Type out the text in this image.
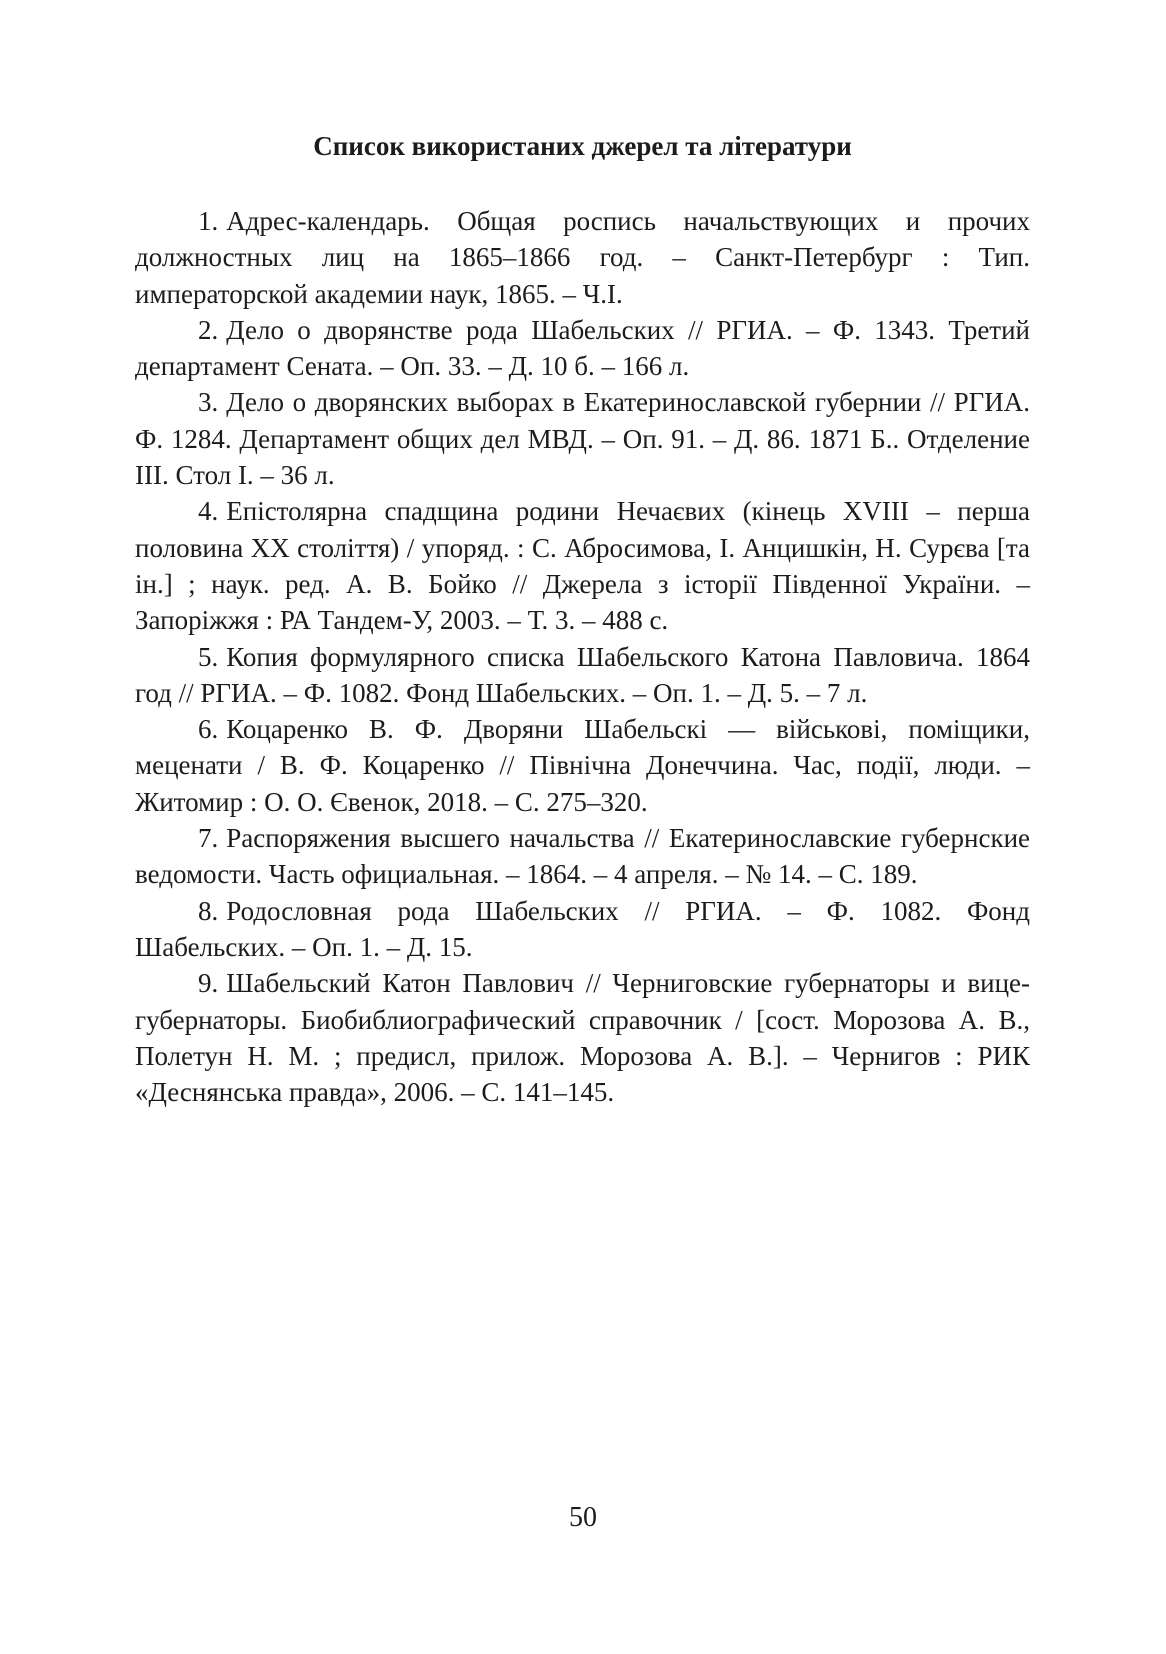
Список використаних джерел та літератури
1. Адрес-календарь. Общая роспись начальствующих и прочих должностных лиц на 1865–1866 год. – Санкт-Петербург : Тип. императорской академии наук, 1865. – Ч.І.
2. Дело о дворянстве рода Шабельских // РГИА. – Ф. 1343. Третий департамент Сената. – Оп. 33. – Д. 10 б. – 166 л.
3. Дело о дворянских выборах в Екатеринославской губернии // РГИА. Ф. 1284. Департамент общих дел МВД. – Оп. 91. – Д. 86. 1871 Б.. Отделение III. Стол I. – 36 л.
4. Епістолярна спадщина родини Нечаєвих (кінець XVIII – перша половина XX століття) / упоряд. : С. Абросимова, І. Анцишкін, Н. Сурєва [та ін.] ; наук. ред. А. В. Бойко // Джерела з історії Південної України. – Запоріжжя : РА Тандем-У, 2003. – Т. 3. – 488 с.
5. Копия формулярного списка Шабельского Катона Павловича. 1864 год // РГИА. – Ф. 1082. Фонд Шабельских. – Оп. 1. – Д. 5. – 7 л.
6. Коцаренко В. Ф. Дворяни Шабельскі — військові, поміщики, меценати / В. Ф. Коцаренко // Північна Донеччина. Час, події, люди. – Житомир : О. О. Євенок, 2018. – С. 275–320.
7. Распоряжения высшего начальства // Екатеринославские губернские ведомости. Часть официальная. – 1864. – 4 апреля. – № 14. – С. 189.
8. Родословная рода Шабельских // РГИА. – Ф. 1082. Фонд Шабельских. – Оп. 1. – Д. 15.
9. Шабельский Катон Павлович // Черниговские губернаторы и вице-губернаторы. Биобиблиографический справочник / [сост. Морозова А. В., Полетун Н. М. ; предисл, прилож. Морозова А. В.]. – Чернигов : РИК «Деснянська правда», 2006. – С. 141–145.
50
